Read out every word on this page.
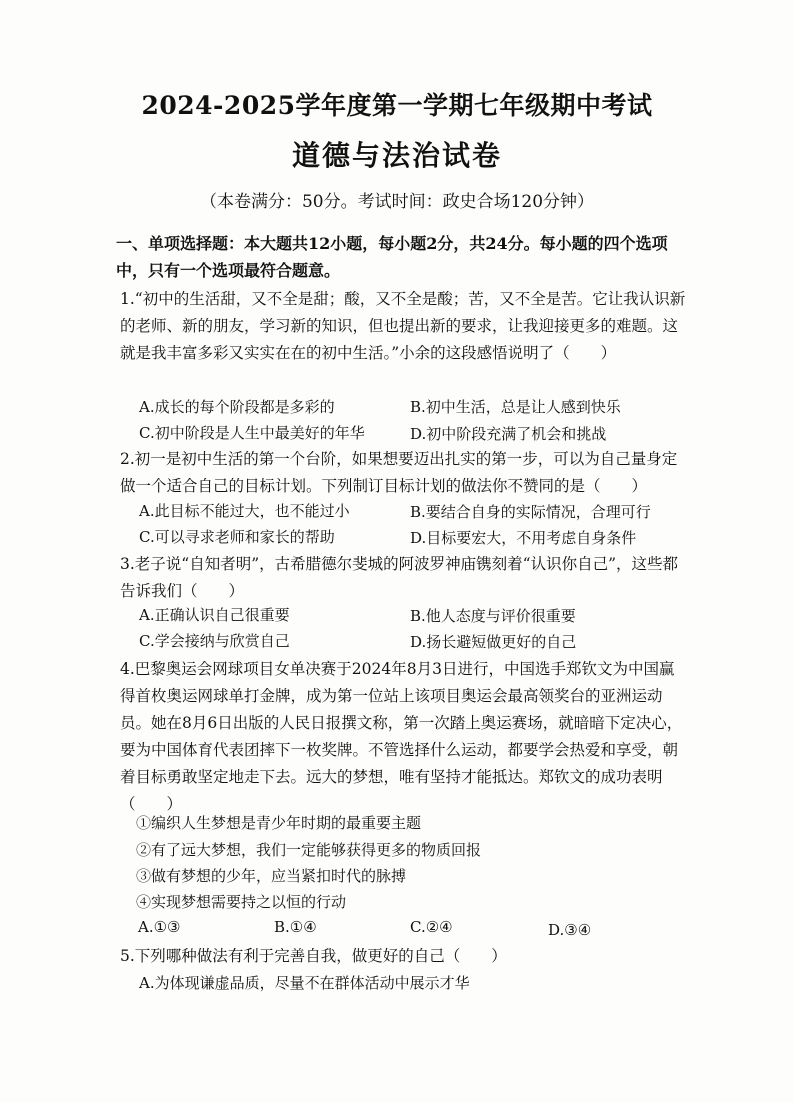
2024-2025学年度第一学期七年级期中考试
道德与法治试卷
（本卷满分：50分。考试时间：政史合场120分钟）
一、单项选择题：本大题共12小题，每小题2分，共24分。每小题的四个选项中，只有一个选项最符合题意。
1.“初中的生活甜，又不全是甜；酸，又不全是酸；苦，又不全是苦。它让我认识新的老师、新的朋友，学习新的知识，但也提出新的要求，让我迎接更多的难题。这就是我丰富多彩又实实在在的初中生活。”小余的这段感悟说明了（　　）
A.成长的每个阶段都是多彩的	B.初中生活，总是让人感到快乐
C.初中阶段是人生中最美好的年华	D.初中阶段充满了机会和挑战
2.初一是初中生活的第一个台阶，如果想要迈出扎实的第一步，可以为自己量身定做一个适合自己的目标计划。下列制订目标计划的做法你不赞同的是（　　）
A.此目标不能过大，也不能过小	B.要结合自身的实际情况，合理可行
C.可以寻求老师和家长的帮助	D.目标要宏大，不用考虑自身条件
3.老子说“自知者明”，古希腊德尔斐城的阿波罗神庙镌刻着“认识你自己”，这些都告诉我们（　　）
A.正确认识自己很重要	B.他人态度与评价很重要
C.学会接纳与欣赏自己	D.扬长避短做更好的自己
4.巴黎奥运会网球项目女单决赛于2024年8月3日进行，中国选手郑钦文为中国赢得首枚奥运网球单打金牌，成为第一位站上该项目奥运会最高领奖台的亚洲运动员。她在8月6日出版的人民日报撰文称，第一次踏上奥运赛场，就暗暗下定决心，要为中国体育代表团摔下一枚奖牌。不管选择什么运动，都要学会热爱和享受，朝着目标勇敢坚定地走下去。远大的梦想，唯有坚持才能抵达。郑钦文的成功表明（　　）
①编织人生梦想是青少年时期的最重要主题
②有了远大梦想，我们一定能够获得更多的物质回报
③做有梦想的少年，应当紧扣时代的脉搏
④实现梦想需要持之以恒的行动
A.①③	B.①④	C.②④	D.③④
5.下列哪种做法有利于完善自我，做更好的自己（　　）
A.为体现谦虚品质，尽量不在群体活动中展示才华
